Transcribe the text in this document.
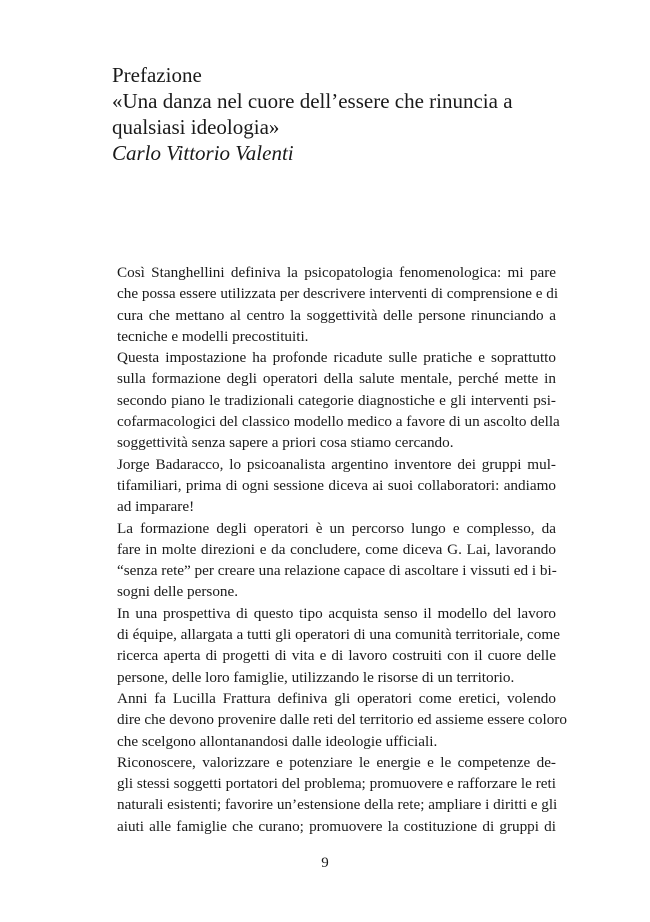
Prefazione
«Una danza nel cuore dell’essere che rinuncia a
qualsiasi ideologia»
Carlo Vittorio Valenti

Così Stanghellini definiva la psicopatologia fenomenologica: mi pare
che possa essere utilizzata per descrivere interventi di comprensione e di
cura che mettano al centro la soggettività delle persone rinunciando a
tecniche e modelli precostituiti.

Questa impostazione ha profonde ricadute sulle pratiche e soprattutto
sulla formazione degli operatori della salute mentale, perché mette in
secondo piano le tradizionali categorie diagnostiche e gli interventi psi-
cofarmacologici del classico modello medico a favore di un ascolto della
soggettività senza sapere a priori cosa stiamo cercando.

Jorge Badaracco, lo psicoanalista argentino inventore dei gruppi mul-
tifamiliari, prima di ogni sessione diceva ai suoi collaboratori: andiamo
ad imparare!

La formazione degli operatori è un percorso lungo e complesso, da
fare in molte direzioni e da concludere, come diceva G. Lai, lavorando
“senza rete” per creare una relazione capace di ascoltare i vissuti ed i bi-
sogni delle persone.

In una prospettiva di questo tipo acquista senso il modello del lavoro
di équipe, allargata a tutti gli operatori di una comunità territoriale, come
ricerca aperta di progetti di vita e di lavoro costruiti con il cuore delle
persone, delle loro famiglie, utilizzando le risorse di un territorio.

Anni fa Lucilla Frattura definiva gli operatori come eretici, volendo
dire che devono provenire dalle reti del territorio ed assieme essere coloro
che scelgono allontanandosi dalle ideologie ufficiali.

Riconoscere, valorizzare e potenziare le energie e le competenze de-
gli stessi soggetti portatori del problema; promuovere e rafforzare le reti
naturali esistenti; favorire un’estensione della rete; ampliare i diritti e gli
aiuti alle famiglie che curano; promuovere la costituzione di gruppi di

9
